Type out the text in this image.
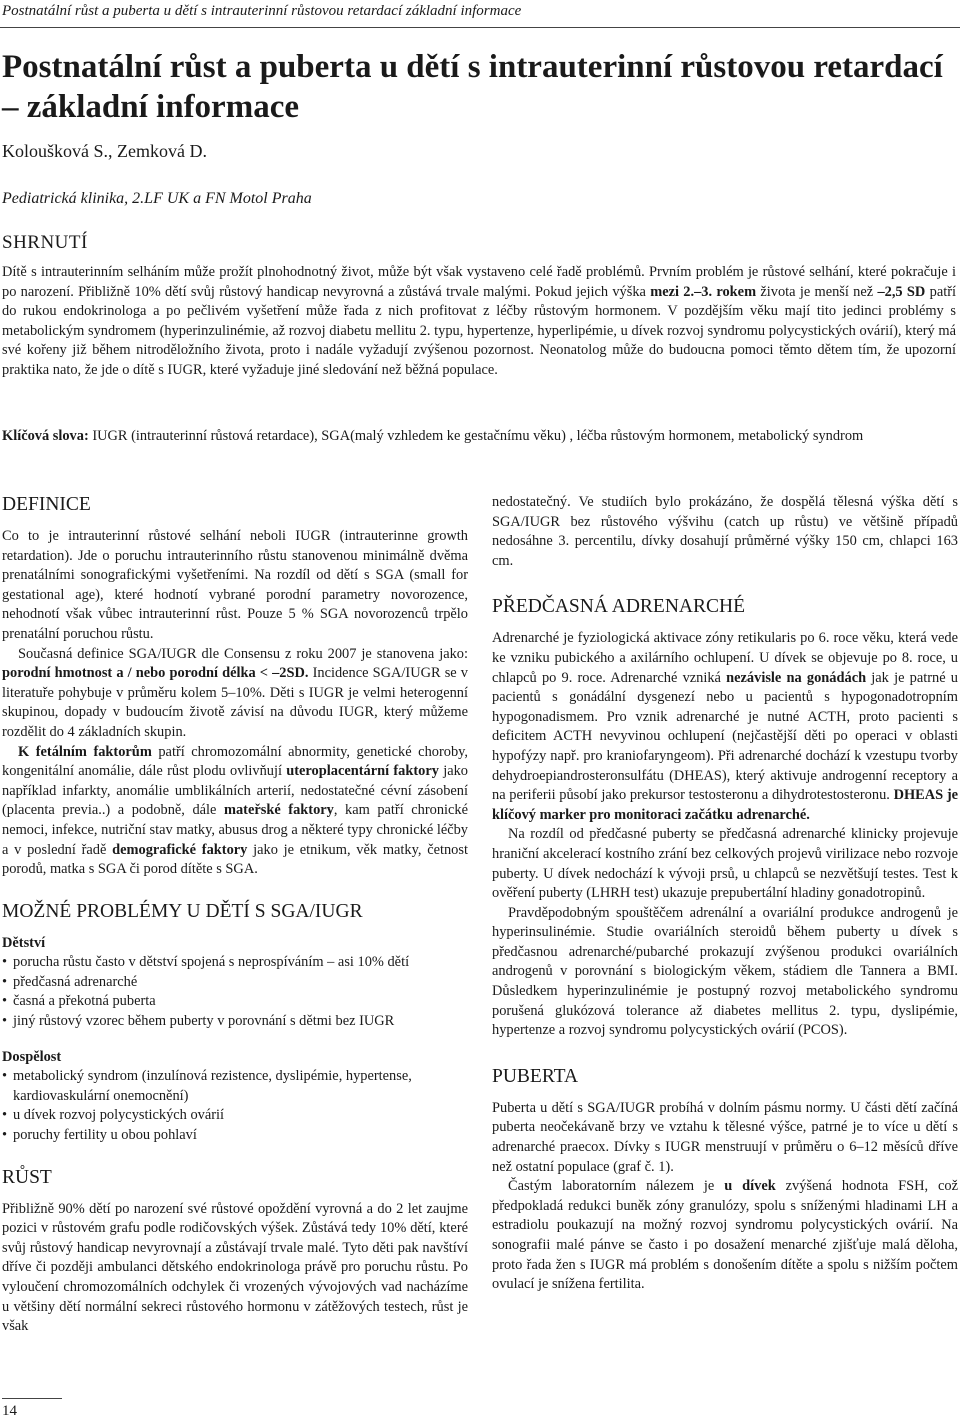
Postnatální růst a puberta u dětí s intrauterinní růstovou retardací základní informace
Postnatální růst a puberta u dětí s intrauterinní růstovou retardací – základní informace
Koloušková S., Zemková D.
Pediatrická klinika, 2.LF UK a FN Motol Praha
SHRNUTÍ

Dítě s intrauterinním selháním může prožít plnohodnotný život, může být však vystaveno celé řadě problémů. Prvním problém je růstové selhání, které pokračuje i po narození. Přibližně 10% dětí svůj růstový handicap nevyrovná a zůstává trvale malými. Pokud jejich výška mezi 2.–3. rokem života je menší než –2,5 SD patří do rukou endokrinologa a po pečlivém vyšetření může řada z nich profitovat z léčby růstovým hormonem. V pozdějším věku mají tito jedinci problémy s metabolickým syndromem (hyperinzulinémie, až rozvoj diabetu mellitu 2. typu, hypertenze, hyperlipémie, u dívek rozvoj syndromu polycystických ovárií), který má své kořeny již během nitroděložního života, proto i nadále vyžadují zvýšenou pozornost. Neonatolog může do budoucna pomoci těmto dětem tím, že upozorní praktika nato, že jde o dítě s IUGR, které vyžaduje jiné sledování než běžná populace.

Klíčová slova: IUGR (intrauterinní růstová retardace), SGA(malý vzhledem ke gestačnímu věku) , léčba růstovým hormonem, metabolický syndrom

DEFINICE

Co to je intrauterinní růstové selhání neboli IUGR (intrauterinne growth retardation). Jde o poruchu intrauterinního růstu stanovenou minimálně dvěma prenatálními sonografickými vyšetřeními. Na rozdíl od dětí s SGA (small for gestational age), které hodnotí vybrané porodní parametry novorozence, nehodnotí však vůbec intrauterinní růst. Pouze 5 % SGA novorozenců trpělo prenatální poruchou růstu.

Současná definice SGA/IUGR dle Consensu z roku 2007 je stanovena jako: porodní hmotnost a / nebo porodní délka < –2SD. Incidence SGA/IUGR se v literatuře pohybuje v průměru kolem 5–10%. Děti s IUGR je velmi heterogenní skupinou, dopady v budoucím životě závisí na důvodu IUGR, který můžeme rozdělit do 4 základních skupin.

K fetálním faktorům patří chromozomální abnormity, genetické choroby, kongenitální anomálie, dále růst plodu ovlivňují uteroplacentární faktory jako například infarkty, anomálie umblikálních arterií, nedostatečné cévní zásobení (placenta previa..) a podobně, dále mateřské faktory, kam patří chronické nemoci, infekce, nutriční stav matky, abusus drog a některé typy chronické léčby a v poslední řadě demografické faktory jako je etnikum, věk matky, četnost porodů, matka s SGA či porod dítěte s SGA.

MOŽNÉ PROBLÉMY U DĚTÍ S SGA/IUGR
Dětství
• porucha růstu často v dětství spojená s neprospíváním – asi 10% dětí
• předčasná adrenarché
• časná a překotná puberta
• jiný růstový vzorec během puberty v porovnání s dětmi bez IUGR
Dospělost
• metabolický syndrom (inzulínová rezistence, dyslipémie, hypertense, kardiovaskulární onemocnění)
• u dívek rozvoj polycystických ovárií
• poruchy fertility u obou pohlaví
RŮST

Přibližně 90% dětí po narození své růstové opoždění vyrovná a do 2 let zaujme pozici v růstovém grafu podle rodičovských výšek. Zůstává tedy 10% dětí, které svůj růstový handicap nevyrovnají a zůstávají trvale malé. Tyto děti pak navštíví dříve či později ambulanci dětského endokrinologa právě pro poruchu růstu. Po vyloučení chromozomálních odchylek či vrozených vývojových vad nacházíme u většiny dětí normální sekreci růstového hormonu v zátěžových testech, růst je však

nedostatečný. Ve studiích bylo prokázáno, že dospělá tělesná výška dětí s SGA/IUGR bez růstového výšvihu (catch up růstu) ve většině případů nedosáhne 3. percentilu, dívky dosahují průměrné výšky 150 cm, chlapci 163 cm.

PŘEDČASNÁ ADRENARCHÉ

Adrenarché je fyziologická aktivace zóny retikularis po 6. roce věku, která vede ke vzniku pubického a axilárního ochlupení. U dívek se objevuje po 8. roce, u chlapců po 9. roce. Adrenarché vzniká nezávisle na gonádách jak je patrné u pacientů s gonádální dysgenezí nebo u pacientů s hypogonadotropním hypogonadismem. Pro vznik adrenarché je nutné ACTH, proto pacienti s deficitem ACTH nevyvinou ochlupení (nejčastější děti po operaci v oblasti hypofýzy např. pro kraniofaryngeom). Při adrenarché dochází k vzestupu tvorby dehydroepiandrosteronsulfátu (DHEAS), který aktivuje androgenní receptory a na periferii působí jako prekursor testosteronu a dihydrotestosteronu. DHEAS je klíčový marker pro monitoraci začátku adrenarché.

Na rozdíl od předčasné puberty se předčasná adrenarché klinicky projevuje hraniční akcelerací kostního zrání bez celkových projevů virilizace nebo rozvoje puberty. U dívek nedochází k vývoji prsů, u chlapců se nezvětšují testes. Test k ověření puberty (LHRH test) ukazuje prepubertální hladiny gonadotropinů.

Pravděpodobným spouštěčem adrenální a ovariální produkce androgenů je hyperinsulinémie. Studie ovariálních steroidů během puberty u dívek s předčasnou adrenarché/pubarché prokazují zvýšenou produkci ovariálních androgenů v porovnání s biologickým věkem, stádiem dle Tannera a BMI. Důsledkem hyperinzulinémie je postupný rozvoj metabolického syndromu porušená glukózová tolerance až diabetes mellitus 2. typu, dyslipémie, hypertenze a rozvoj syndromu polycystických ovárií (PCOS).

PUBERTA

Puberta u dětí s SGA/IUGR probíhá v dolním pásmu normy. U části dětí začíná puberta neočekávaně brzy ve vztahu k tělesné výšce, patrné je to více u dětí s adrenarché praecox. Dívky s IUGR menstruují v průměru o 6–12 měsíců dříve než ostatní populace (graf č. 1).

Častým laboratorním nálezem je u dívek zvýšená hodnota FSH, což předpokladá redukci buněk zóny granulózy, spolu s sníženými hladinami LH a estradiolu poukazují na možný rozvoj syndromu polycystických ovárií. Na sonografii malé pánve se často i po dosažení menarché zjišťuje malá děloha, proto řada žen s IUGR má problém s donošením dítěte a spolu s nižším počtem ovulací je snížena fertilita.

14
